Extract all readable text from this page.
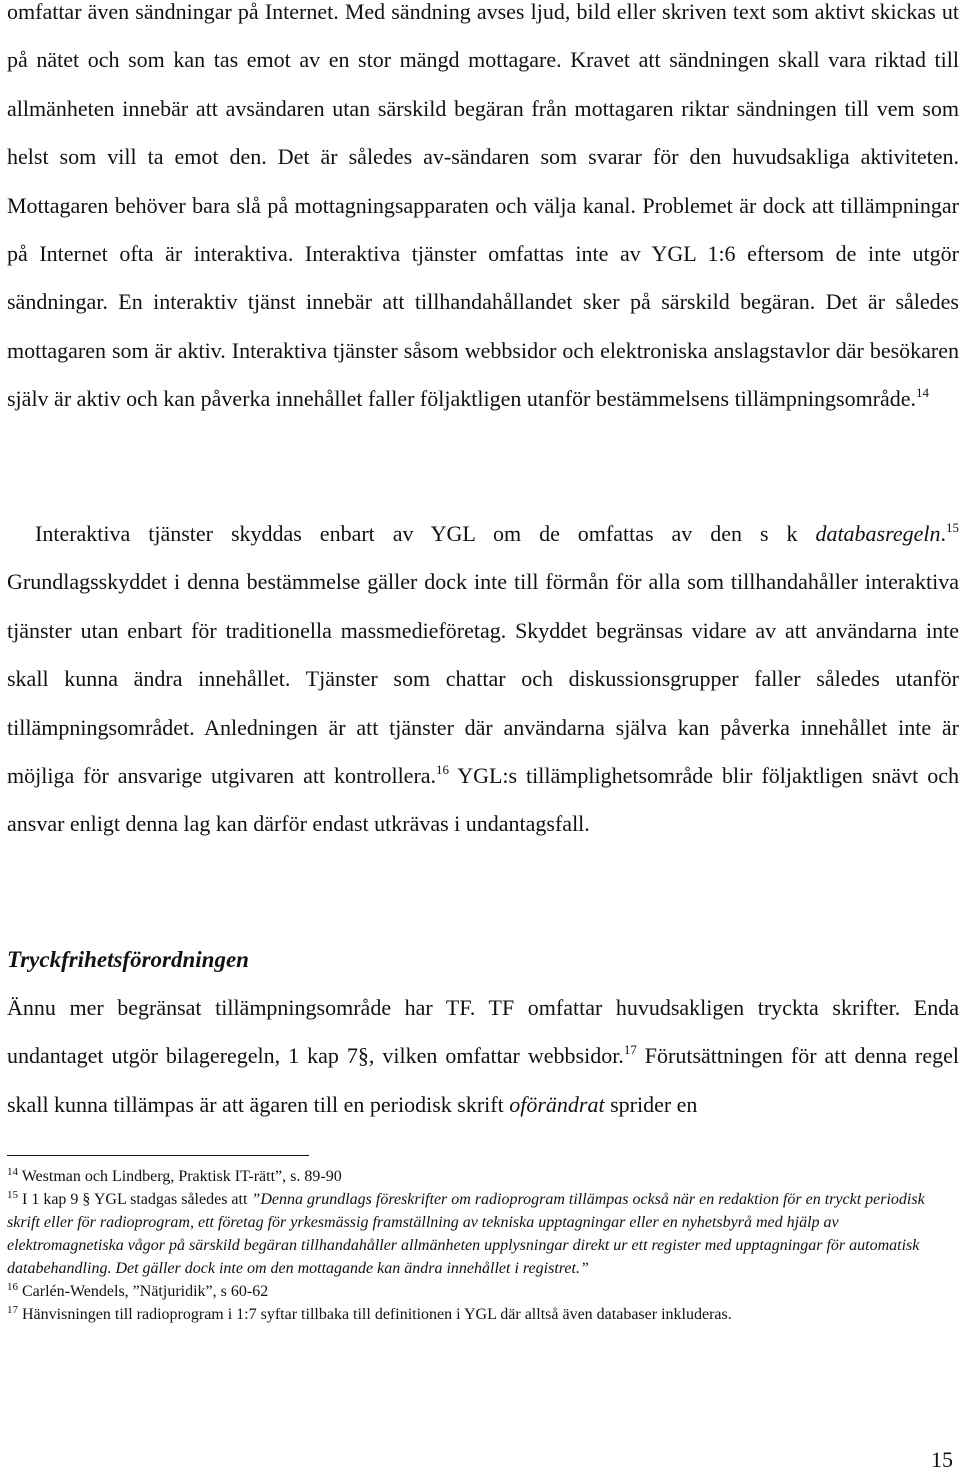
omfattar även sändningar på Internet. Med sändning avses ljud, bild eller skriven text som aktivt skickas ut på nätet och som kan tas emot av en stor mängd mottagare. Kravet att sändningen skall vara riktad till allmänheten innebär att avsändaren utan särskild begäran från mottagaren riktar sändningen till vem som helst som vill ta emot den. Det är således av-sändaren som svarar för den huvudsakliga aktiviteten. Mottagaren behöver bara slå på mottagningsapparaten och välja kanal. Problemet är dock att tillämpningar på Internet ofta är interaktiva. Interaktiva tjänster omfattas inte av YGL 1:6 eftersom de inte utgör sändningar. En interaktiv tjänst innebär att tillhandahållandet sker på särskild begäran. Det är således mottagaren som är aktiv. Interaktiva tjänster såsom webbsidor och elektroniska anslagstavlor där besökaren själv är aktiv och kan påverka innehållet faller följaktligen utanför bestämmelsens tillämpningsområde.$^{14}$

Interaktiva tjänster skyddas enbart av YGL om de omfattas av den s k databasregeln.$^{15}$ Grundlagsskyddet i denna bestämmelse gäller dock inte till förmån för alla som tillhandahåller interaktiva tjänster utan enbart för traditionella massmedieföretag. Skyddet begränsas vidare av att användarna inte skall kunna ändra innehållet. Tjänster som chattar och diskussionsgrupper faller således utanför tillämpningsområdet. Anledningen är att tjänster där användarna själva kan påverka innehållet inte är möjliga för ansvarige utgivaren att kontrollera.$^{16}$ YGL:s tillämplighetsområde blir följaktligen snävt och ansvar enligt denna lag kan därför endast utkrävas i undantagsfall.

Tryckfrihetsförordningen

Ännu mer begränsat tillämpningsområde har TF. TF omfattar huvudsakligen tryckta skrifter. Enda undantaget utgör bilageregeln, 1 kap 7§, vilken omfattar webbsidor.$^{17}$ Förutsättningen för att denna regel skall kunna tillämpas är att ägaren till en periodisk skrift oförändrat sprider en

$^{14}$ Westman och Lindberg, Praktisk IT-rätt”, s. 89-90

$^{15}$ I 1 kap 9 § YGL stadgas således att ”Denna grundlags föreskrifter om radioprogram tillämpas också när en redaktion för en tryckt periodisk skrift eller för radioprogram, ett företag för yrkesmässig framställning av tekniska upptagningar eller en nyhetsbyrå med hjälp av elektromagnetiska vågor på särskild begäran tillhandahåller allmänheten upplysningar direkt ur ett register med upptagningar för automatisk databehandling. Det gäller dock inte om den mottagande kan ändra innehållet i registret.”

$^{16}$ Carlén-Wendels, ”Nätjuridik”, s 60-62

$^{17}$ Hänvisningen till radioprogram i 1:7 syftar tillbaka till definitionen i YGL där alltså även databaser inkluderas.

15
